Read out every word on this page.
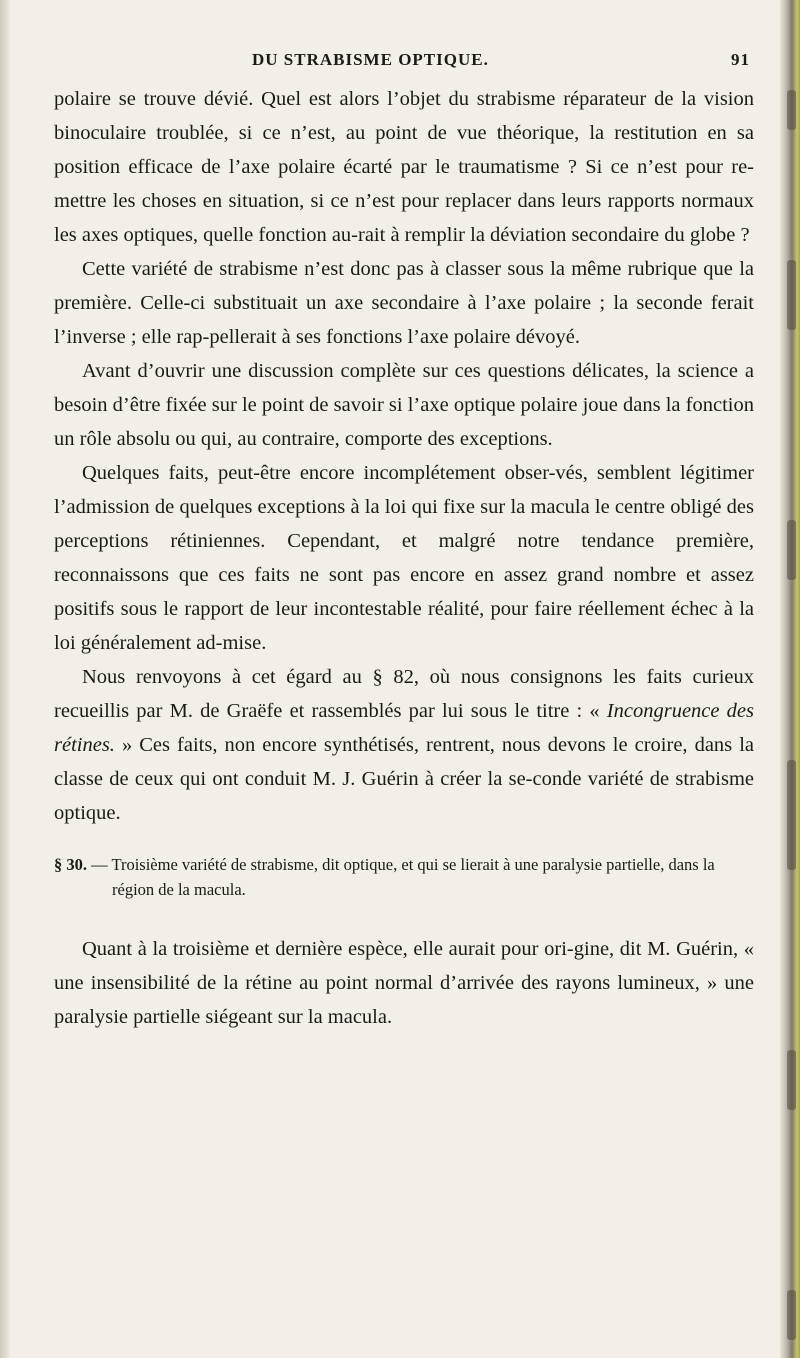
DU STRABISME OPTIQUE.	91

polaire se trouve dévié. Quel est alors l’objet du strabisme réparateur de la vision binoculaire troublée, si ce n’est, au point de vue théorique, la restitution en sa position efficace de l’axe polaire écarté par le traumatisme ? Si ce n’est pour re-mettre les choses en situation, si ce n’est pour replacer dans leurs rapports normaux les axes optiques, quelle fonction au-rait à remplir la déviation secondaire du globe ?

Cette variété de strabisme n’est donc pas à classer sous la même rubrique que la première. Celle-ci substituait un axe secondaire à l’axe polaire ; la seconde ferait l’inverse ; elle rap-pellerait à ses fonctions l’axe polaire dévoyé.

Avant d’ouvrir une discussion complète sur ces questions délicates, la science a besoin d’être fixée sur le point de savoir si l’axe optique polaire joue dans la fonction un rôle absolu ou qui, au contraire, comporte des exceptions.

Quelques faits, peut-être encore incomplétement obser-vés, semblent légitimer l’admission de quelques exceptions à la loi qui fixe sur la macula le centre obligé des perceptions rétiniennes. Cependant, et malgré notre tendance première, reconnaissons que ces faits ne sont pas encore en assez grand nombre et assez positifs sous le rapport de leur incontestable réalité, pour faire réellement échec à la loi généralement ad-mise.

Nous renvoyons à cet égard au § 82, où nous consignons les faits curieux recueillis par M. de Graëfe et rassemblés par lui sous le titre : « Incongruence des rétines. » Ces faits, non encore synthétisés, rentrent, nous devons le croire, dans la classe de ceux qui ont conduit M. J. Guérin à créer la se-conde variété de strabisme optique.

§ 30. — Troisième variété de strabisme, dit optique, et qui se lierait à une paralysie partielle, dans la région de la macula.

Quant à la troisième et dernière espèce, elle aurait pour ori-gine, dit M. Guérin, « une insensibilité de la rétine au point normal d’arrivée des rayons lumineux, » une paralysie partielle siégeant sur la macula.
